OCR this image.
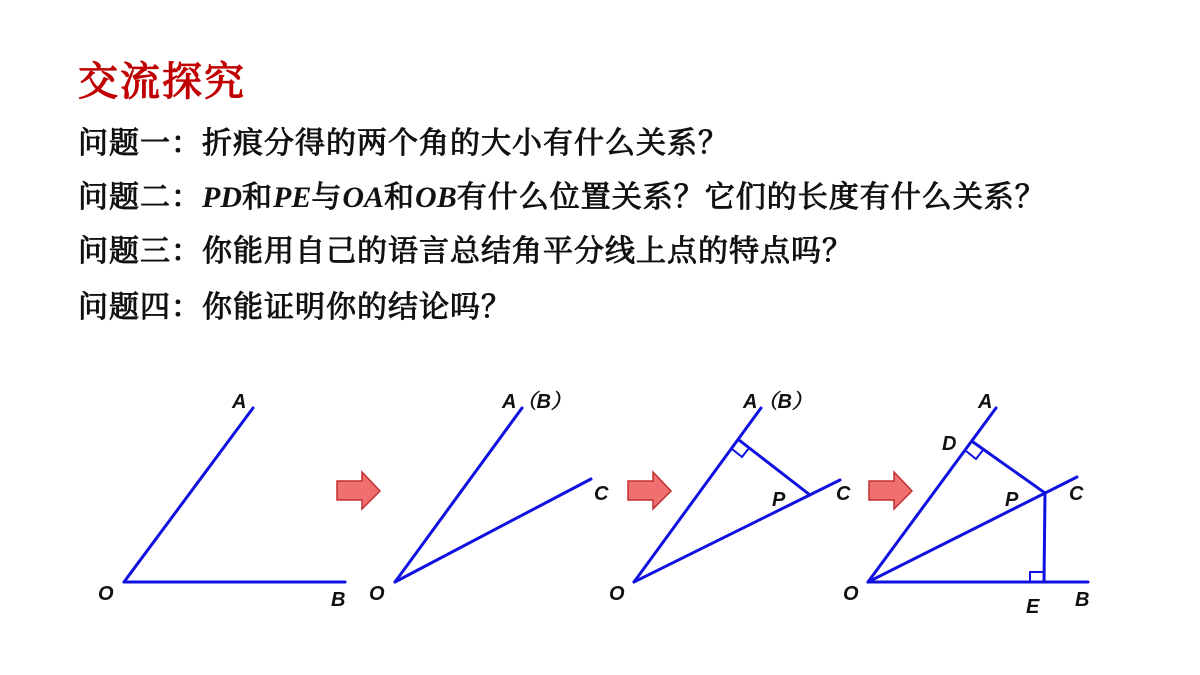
交流探究
问题一：折痕分得的两个角的大小有什么关系？
问题二：PD和PE与OA和OB有什么位置关系？它们的长度有什么关系？
问题三：你能用自己的语言总结角平分线上点的特点吗？
问题四：你能证明你的结论吗？
A
O	B
A（B）
C
O
A（B）
C
P
O
A
D
P	C
O
E B
